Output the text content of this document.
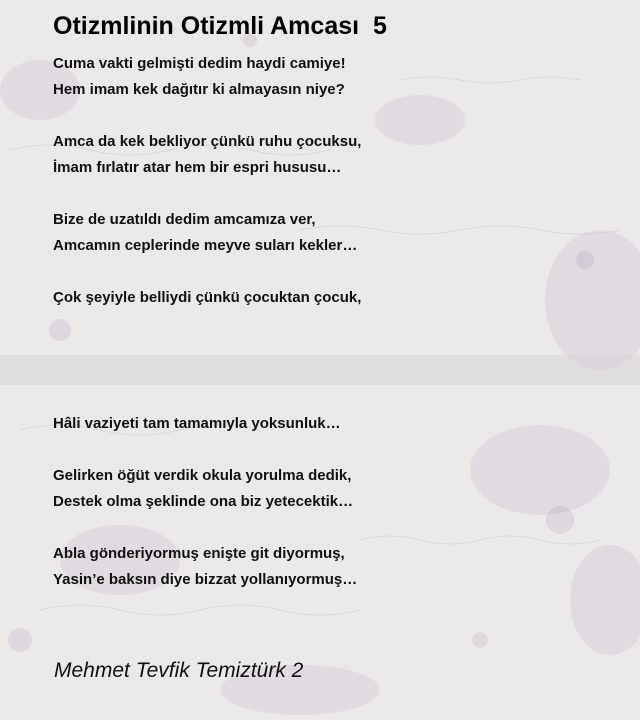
Otizmlinin Otizmli Amcası  5
Cuma vakti gelmişti dedim haydi camiye!
Hem imam kek dağıtır ki almayasın niye?
Amca da kek bekliyor çünkü ruhu çocuksu,
İmam fırlatır atar hem bir espri hususu…
Bize de uzatıldı dedim amcamıza ver,
Amcamın ceplerinde meyve suları kekler…
Çok şeyiyle belliydi çünkü çocuktan çocuk,
Hâli vaziyeti tam tamamıyla yoksunluk…
Gelirken öğüt verdik okula yorulma dedik,
Destek olma şeklinde ona biz yetecektik…
Abla gönderiyormuş enişte git diyormuş,
Yasin’e baksın diye bizzat yollanıyormuş…

Mehmet Tevfik Temiztürk 2
